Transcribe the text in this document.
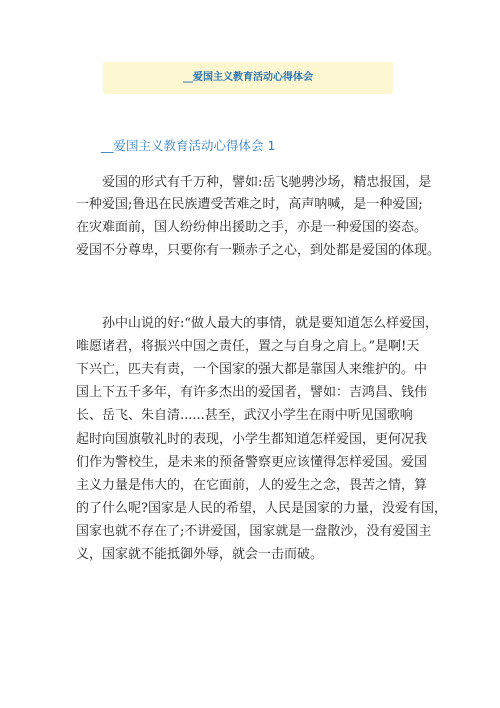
__爱国主义教育活动心得体会
__爱国主义教育活动心得体会 1
爱国的形式有千万种，譬如:岳飞驰骋沙场，精忠报国，是
一种爱国;鲁迅在民族遭受苦难之时，高声呐喊，是一种爱国;
在灾难面前，国人纷纷伸出援助之手，亦是一种爱国的姿态。
爱国不分尊卑，只要你有一颗赤子之心，到处都是爱国的体现。
孙中山说的好:“做人最大的事情，就是要知道怎么样爱国，
唯愿诸君，将振兴中国之责任，置之与自身之肩上。”是啊!天
下兴亡，匹夫有责，一个国家的强大都是靠国人来维护的。中
国上下五千多年，有许多杰出的爱国者，譬如：吉鸿昌、钱伟
长、岳飞、朱自清......甚至，武汉小学生在雨中听见国歌响
起时向国旗敬礼时的表现，小学生都知道怎样爱国，更何况我
们作为警校生，是未来的预备警察更应该懂得怎样爱国。爱国
主义力量是伟大的，在它面前，人的爱生之念，畏苦之情，算
的了什么呢?国家是人民的希望，人民是国家的力量，没爱有国，
国家也就不存在了;不讲爱国，国家就是一盘散沙，没有爱国主
义，国家就不能抵御外辱，就会一击而破。
